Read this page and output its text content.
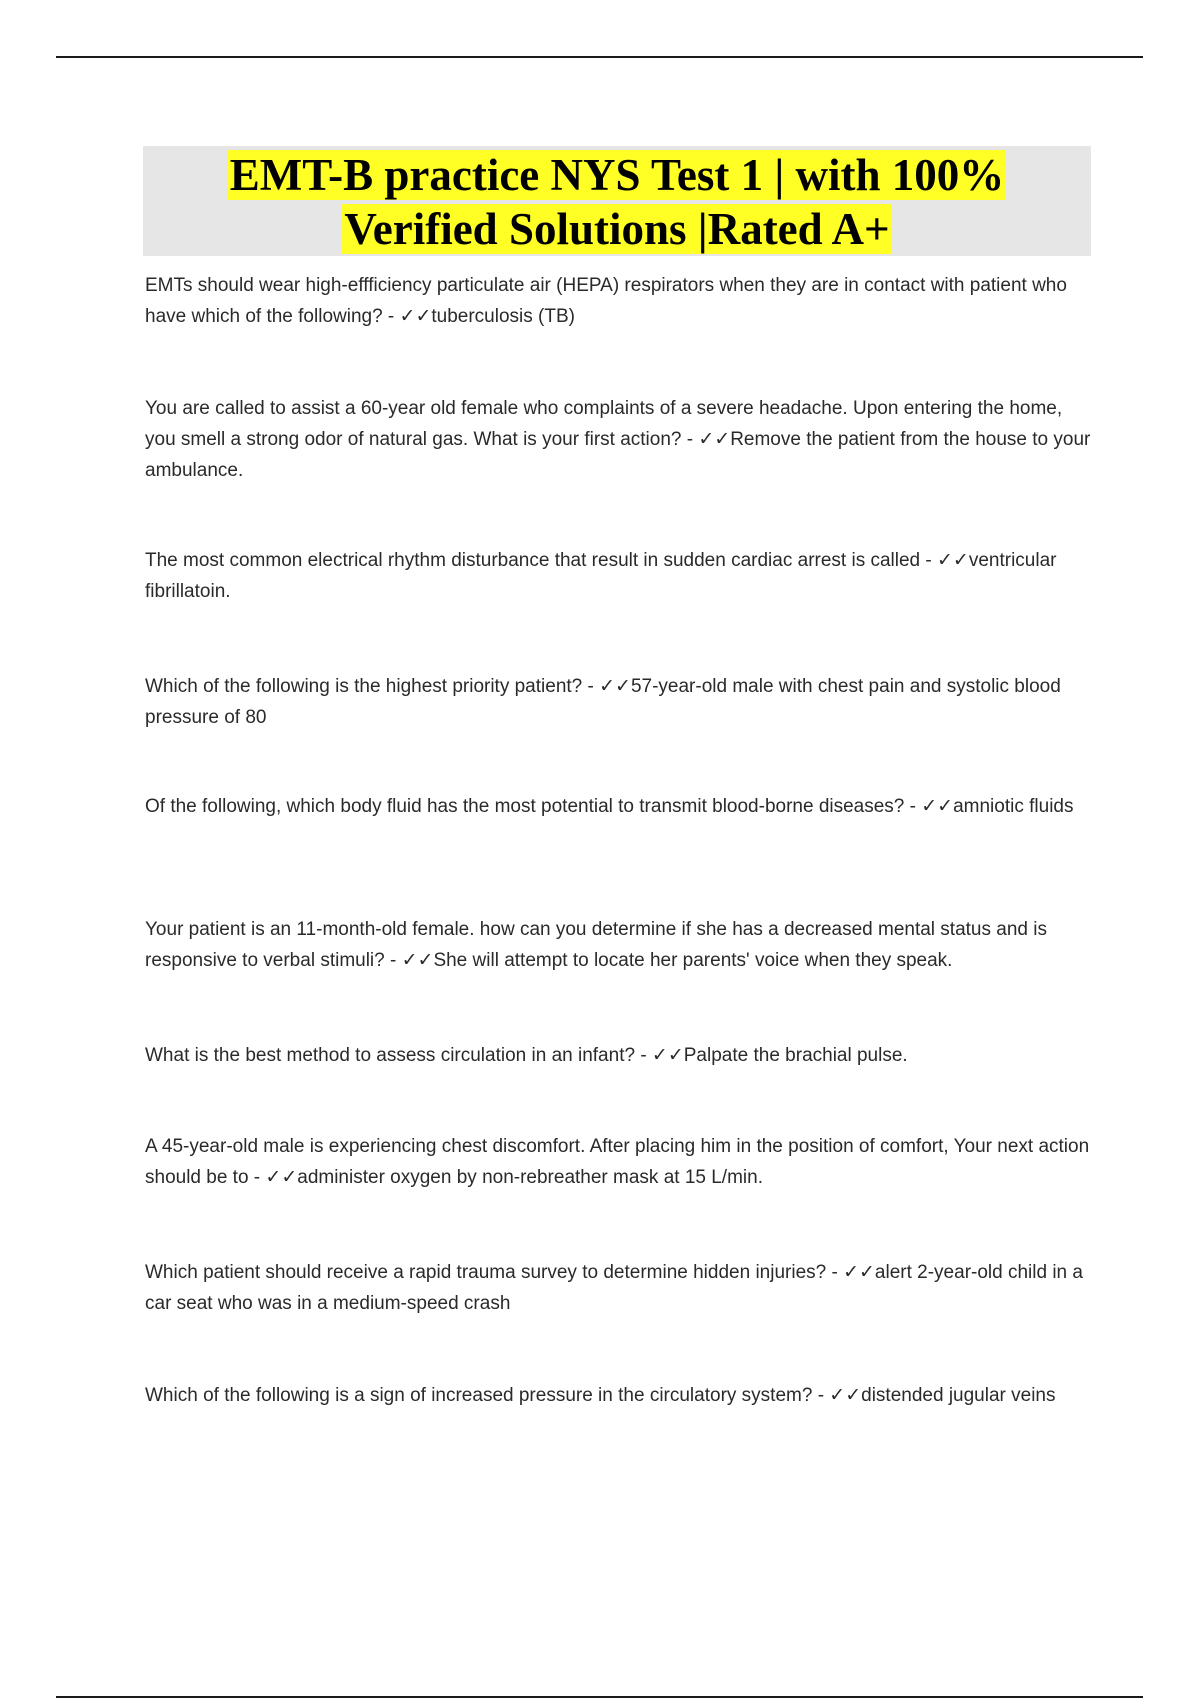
EMT-B practice NYS Test 1 | with 100%
Verified Solutions |Rated A+
EMTs should wear high-effficiency particulate air (HEPA) respirators when they are in contact with patient who have which of the following? - ✓✓tuberculosis (TB)
You are called to assist a 60-year old female who complaints of a severe headache. Upon entering the home, you smell a strong odor of natural gas. What is your first action? - ✓✓Remove the patient from the house to your ambulance.
The most common electrical rhythm disturbance that result in sudden cardiac arrest is called - ✓✓ventricular fibrillatoin.
Which of the following is the highest priority patient? - ✓✓57-year-old male with chest pain and systolic blood pressure of 80
Of the following, which body fluid has the most potential to transmit blood-borne diseases? - ✓✓amniotic fluids
Your patient is an 11-month-old female. how can you determine if she has a decreased mental status and is responsive to verbal stimuli? - ✓✓She will attempt to locate her parents' voice when they speak.
What is the best method to assess circulation in an infant? - ✓✓Palpate the brachial pulse.
A 45-year-old male is experiencing chest discomfort. After placing him in the position of comfort, Your next action should be to - ✓✓administer oxygen by non-rebreather mask at 15 L/min.
Which patient should receive a rapid trauma survey to determine hidden injuries? - ✓✓alert 2-year-old child in a car seat who was in a medium-speed crash
Which of the following is a sign of increased pressure in the circulatory system? - ✓✓distended jugular veins
